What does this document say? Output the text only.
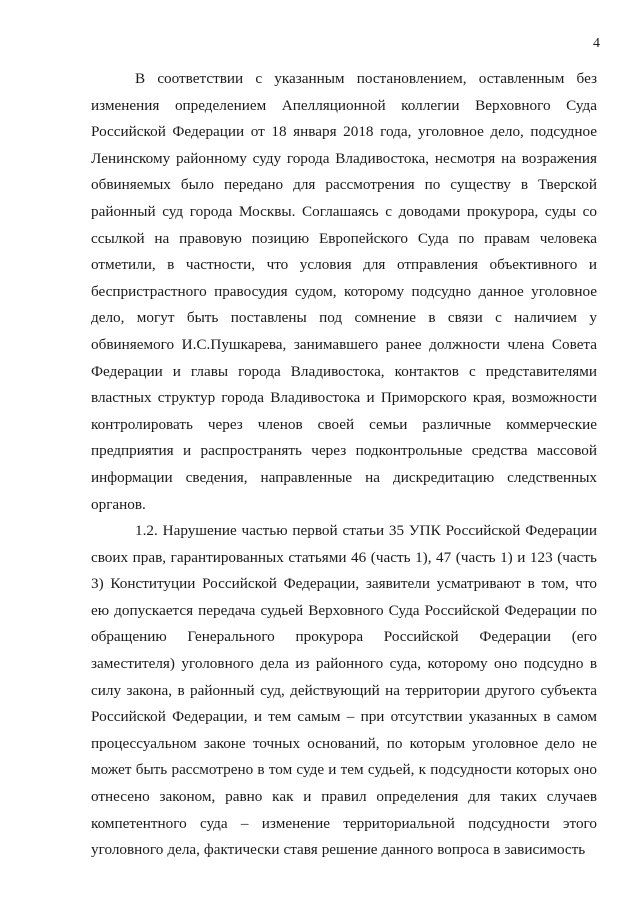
4

В соответствии с указанным постановлением, оставленным без изменения определением Апелляционной коллегии Верховного Суда Российской Федерации от 18 января 2018 года, уголовное дело, подсудное Ленинскому районному суду города Владивостока, несмотря на возражения обвиняемых было передано для рассмотрения по существу в Тверской районный суд города Москвы. Соглашаясь с доводами прокурора, суды со ссылкой на правовую позицию Европейского Суда по правам человека отметили, в частности, что условия для отправления объективного и беспристрастного правосудия судом, которому подсудно данное уголовное дело, могут быть поставлены под сомнение в связи с наличием у обвиняемого И.С.Пушкарева, занимавшего ранее должности члена Совета Федерации и главы города Владивостока, контактов с представителями властных структур города Владивостока и Приморского края, возможности контролировать через членов своей семьи различные коммерческие предприятия и распространять через подконтрольные средства массовой информации сведения, направленные на дискредитацию следственных органов.

1.2. Нарушение частью первой статьи 35 УПК Российской Федерации своих прав, гарантированных статьями 46 (часть 1), 47 (часть 1) и 123 (часть 3) Конституции Российской Федерации, заявители усматривают в том, что ею допускается передача судьей Верховного Суда Российской Федерации по обращению Генерального прокурора Российской Федерации (его заместителя) уголовного дела из районного суда, которому оно подсудно в силу закона, в районный суд, действующий на территории другого субъекта Российской Федерации, и тем самым – при отсутствии указанных в самом процессуальном законе точных оснований, по которым уголовное дело не может быть рассмотрено в том суде и тем судьей, к подсудности которых оно отнесено законом, равно как и правил определения для таких случаев компетентного суда – изменение территориальной подсудности этого уголовного дела, фактически ставя решение данного вопроса в зависимость
